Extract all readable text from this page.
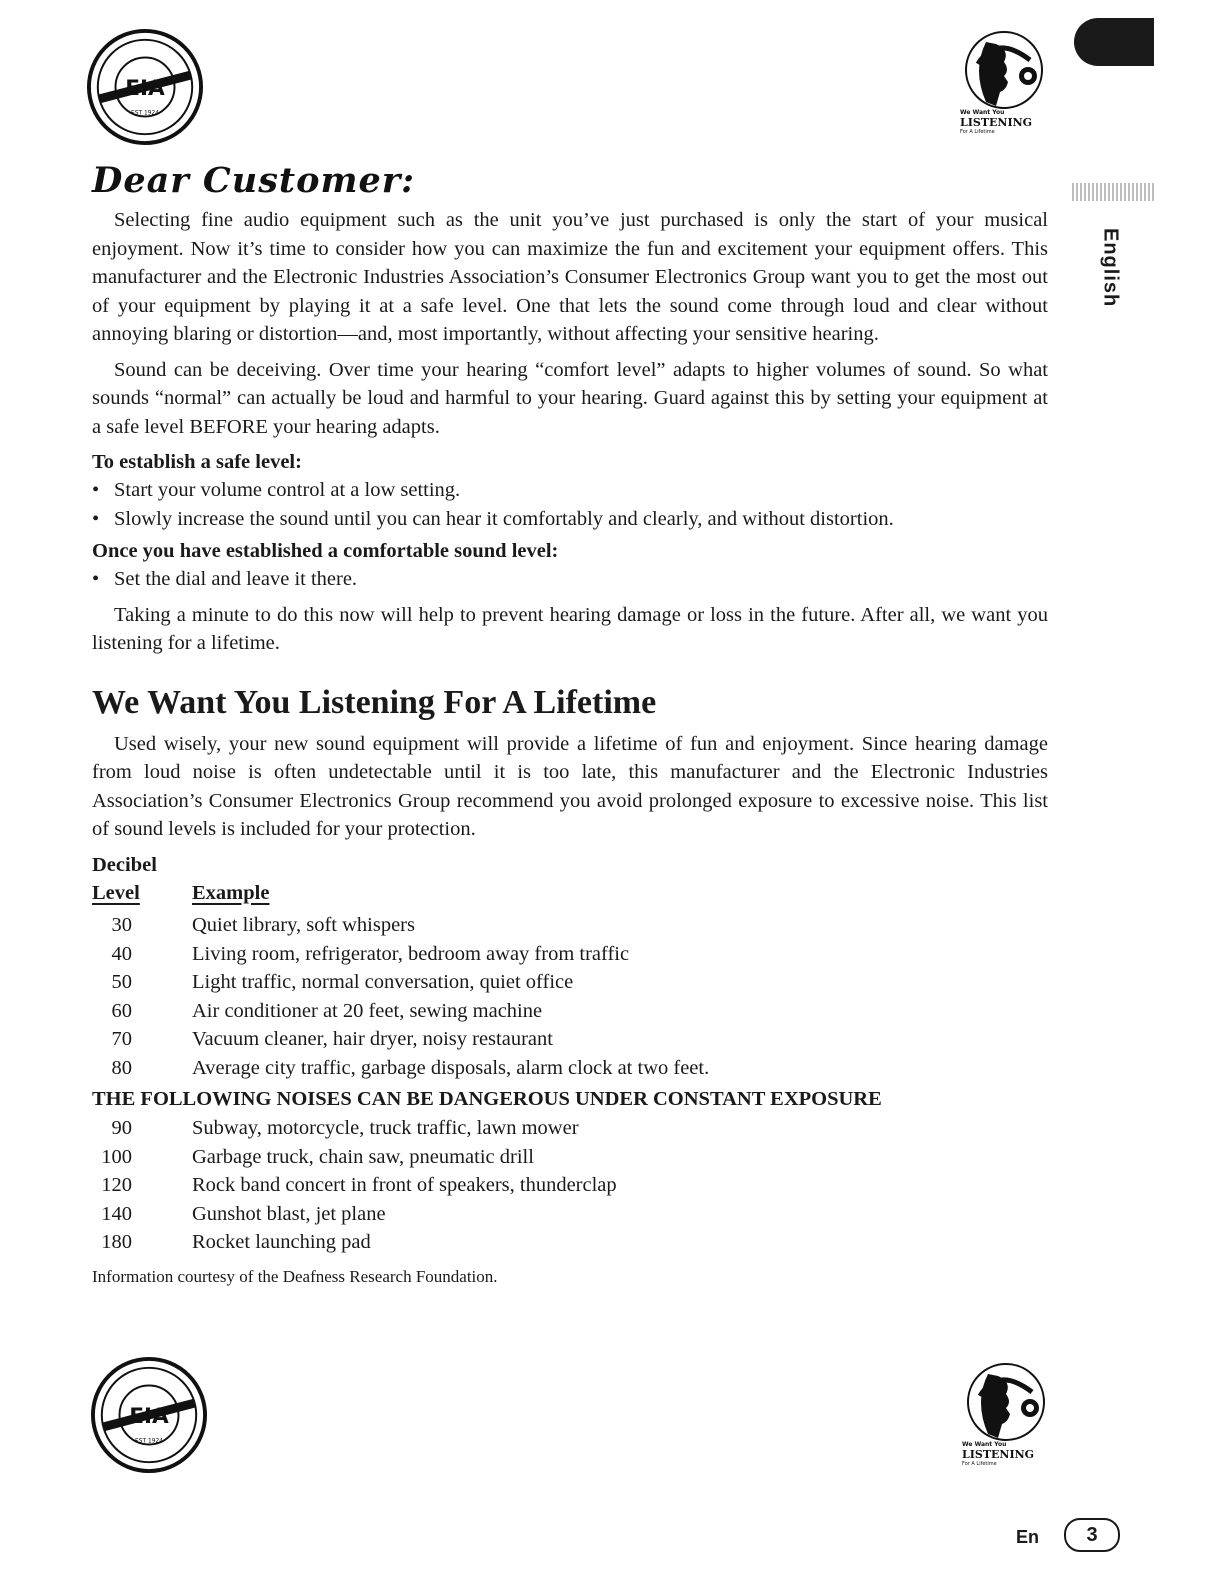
EIA
EST 1924	We Want You
LISTENING
For A Lifetime
English
Dear Customer:

Selecting fine audio equipment such as the unit you’ve just purchased is only the start of your musical enjoyment. Now it’s time to consider how you can maximize the fun and excitement your equipment offers. This manufacturer and the Electronic Industries Association’s Consumer Electronics Group want you to get the most out of your equipment by playing it at a safe level. One that lets the sound come through loud and clear without annoying blaring or distortion—and, most importantly, without affecting your sensitive hearing.

Sound can be deceiving. Over time your hearing “comfort level” adapts to higher volumes of sound. So what sounds “normal” can actually be loud and harmful to your hearing. Guard against this by setting your equipment at a safe level BEFORE your hearing adapts.

To establish a safe level:
• Start your volume control at a low setting.
• Slowly increase the sound until you can hear it comfortably and clearly, and without distortion.
Once you have established a comfortable sound level:
• Set the dial and leave it there.

Taking a minute to do this now will help to prevent hearing damage or loss in the future. After all, we want you listening for a lifetime.

We Want You Listening For A Lifetime

Used wisely, your new sound equipment will provide a lifetime of fun and enjoyment. Since hearing damage from loud noise is often undetectable until it is too late, this manufacturer and the Electronic Industries Association’s Consumer Electronics Group recommend you avoid prolonged exposure to excessive noise. This list of sound levels is included for your protection.

Decibel
Level	Example
30	Quiet library, soft whispers
40	Living room, refrigerator, bedroom away from traffic
50	Light traffic, normal conversation, quiet office
60	Air conditioner at 20 feet, sewing machine
70	Vacuum cleaner, hair dryer, noisy restaurant
80	Average city traffic, garbage disposals, alarm clock at two feet.
THE FOLLOWING NOISES CAN BE DANGEROUS UNDER CONSTANT EXPOSURE
90	Subway, motorcycle, truck traffic, lawn mower
100	Garbage truck, chain saw, pneumatic drill
120	Rock band concert in front of speakers, thunderclap
140	Gunshot blast, jet plane
180	Rocket launching pad
Information courtesy of the Deafness Research Foundation.
EIA
EST 1924	We Want You
LISTENING
For A Lifetime
En	3
